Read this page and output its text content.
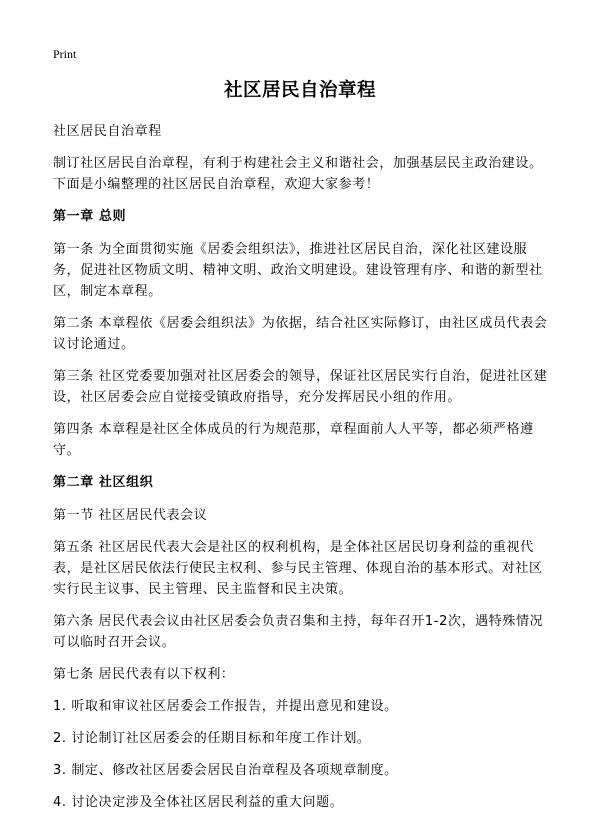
Print
社区居民自治章程

社区居民自治章程

制订社区居民自治章程，有利于构建社会主义和谐社会，加强基层民主政治建设。下面是小编整理的社区居民自治章程，欢迎大家参考！

第一章 总则

第一条 为全面贯彻实施《居委会组织法》，推进社区居民自治，深化社区建设服务，促进社区物质文明、精神文明、政治文明建设。建设管理有序、和谐的新型社区，制定本章程。

第二条 本章程依《居委会组织法》为依据，结合社区实际修订，由社区成员代表会议讨论通过。

第三条 社区党委要加强对社区居委会的领导，保证社区居民实行自治，促进社区建设，社区居委会应自觉接受镇政府指导，充分发挥居民小组的作用。

第四条 本章程是社区全体成员的行为规范那，章程面前人人平等，都必须严格遵守。

第二章 社区组织

第一节 社区居民代表会议

第五条 社区居民代表大会是社区的权利机构，是全体社区居民切身利益的重视代表，是社区居民依法行使民主权利、参与民主管理、体现自治的基本形式。对社区实行民主议事、民主管理、民主监督和民主决策。

第六条 居民代表会议由社区居委会负责召集和主持，每年召开1-2次，遇特殊情况可以临时召开会议。

第七条 居民代表有以下权利：

1. 听取和审议社区居委会工作报告，并提出意见和建设。

2. 讨论制订社区居委会的任期目标和年度工作计划。

3. 制定、修改社区居委会居民自治章程及各项规章制度。

4. 讨论决定涉及全体社区居民利益的重大问题。
